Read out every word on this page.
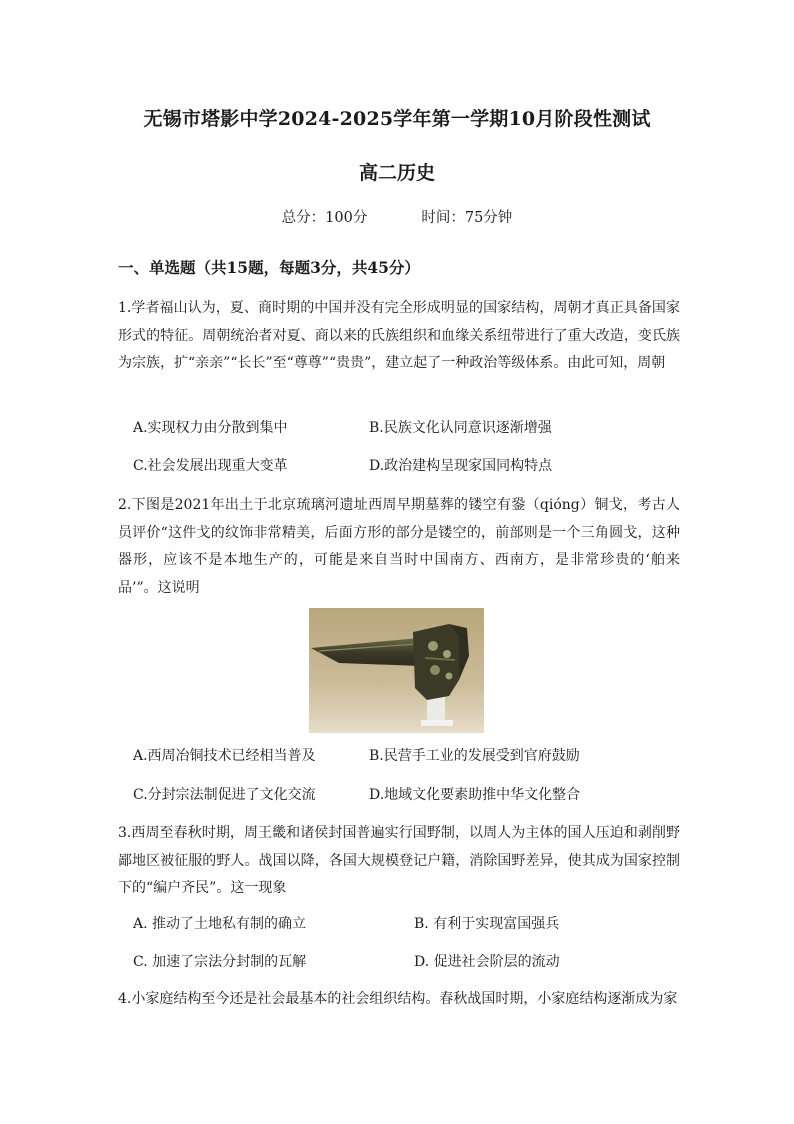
无锡市塔影中学2024-2025学年第一学期10月阶段性测试
高二历史
总分：100分	时间：75分钟
一、单选题（共15题，每题3分，共45分）
1.学者福山认为，夏、商时期的中国并没有完全形成明显的国家结构，周朝才真正具备国家形式的特征。周朝统治者对夏、商以来的氏族组织和血缘关系纽带进行了重大改造，变氏族为宗族，扩“亲亲”“长长”至“尊尊”“贵贵”，建立起了一种政治等级体系。由此可知，周朝
A.实现权力由分散到集中	B.民族文化认同意识逐渐增强
C.社会发展出现重大变革	D.政治建构呈现家国同构特点
2.下图是2021年出土于北京琉璃河遗址西周早期墓葬的镂空有銎（qióng）铜戈，考古人员评价“这件戈的纹饰非常精美，后面方形的部分是镂空的，前部则是一个三角圆戈，这种器形，应该不是本地生产的，可能是来自当时中国南方、西南方，是非常珍贵的‘舶来品’”。这说明
A.西周冶铜技术已经相当普及	B.民营手工业的发展受到官府鼓励
C.分封宗法制促进了文化交流	D.地域文化要素助推中华文化整合
3.西周至春秋时期，周王畿和诸侯封国普遍实行国野制，以周人为主体的国人压迫和剥削野鄙地区被征服的野人。战国以降，各国大规模登记户籍，消除国野差异，使其成为国家控制下的“编户齐民”。这一现象
A. 推动了土地私有制的确立	B. 有利于实现富国强兵
C. 加速了宗法分封制的瓦解	D. 促进社会阶层的流动
4.小家庭结构至今还是社会最基本的社会组织结构。春秋战国时期，小家庭结构逐渐成为家
